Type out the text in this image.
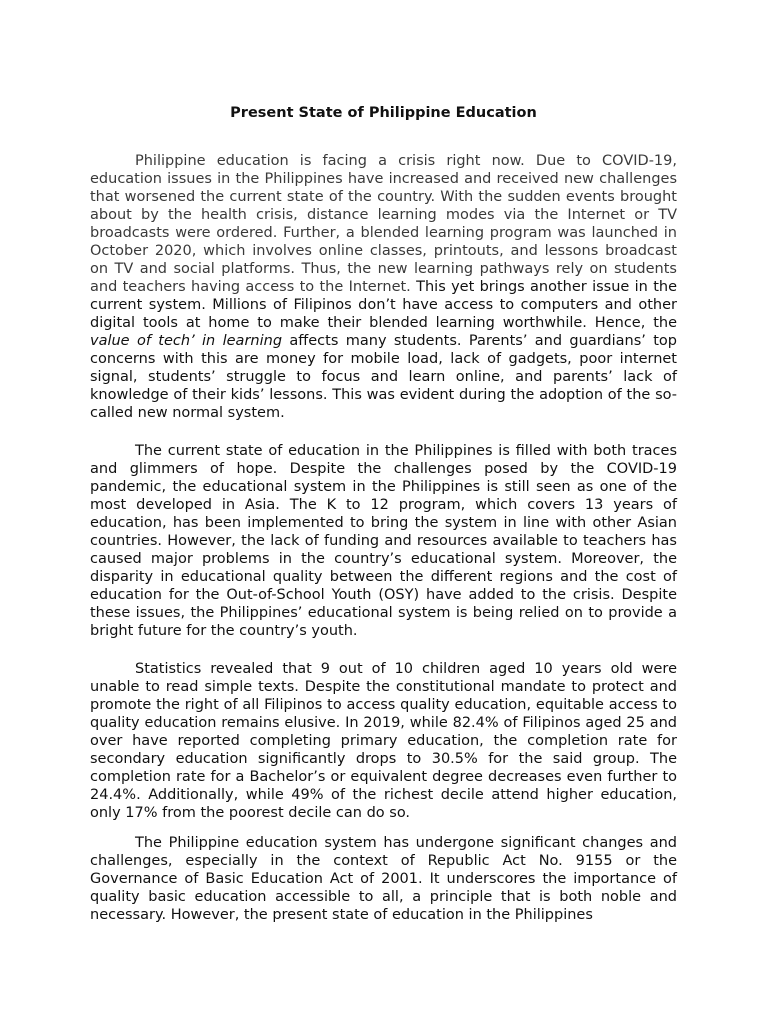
Present State of Philippine Education

Philippine education is facing a crisis right now. Due to COVID-19, education issues in the Philippines have increased and received new challenges that worsened the current state of the country. With the sudden events brought about by the health crisis, distance learning modes via the Internet or TV broadcasts were ordered. Further, a blended learning program was launched in October 2020, which involves online classes, printouts, and lessons broadcast on TV and social platforms. Thus, the new learning pathways rely on students and teachers having access to the Internet. This yet brings another issue in the current system. Millions of Filipinos don’t have access to computers and other digital tools at home to make their blended learning worthwhile. Hence, the value of tech’ in learning affects many students. Parents’ and guardians’ top concerns with this are money for mobile load, lack of gadgets, poor internet signal, students’ struggle to focus and learn online, and parents’ lack of knowledge of their kids’ lessons. This was evident during the adoption of the so-called new normal system.

The current state of education in the Philippines is filled with both traces and glimmers of hope. Despite the challenges posed by the COVID-19 pandemic, the educational system in the Philippines is still seen as one of the most developed in Asia. The K to 12 program, which covers 13 years of education, has been implemented to bring the system in line with other Asian countries. However, the lack of funding and resources available to teachers has caused major problems in the country’s educational system. Moreover, the disparity in educational quality between the different regions and the cost of education for the Out-of-School Youth (OSY) have added to the crisis. Despite these issues, the Philippines’ educational system is being relied on to provide a bright future for the country’s youth.

Statistics revealed that 9 out of 10 children aged 10 years old were unable to read simple texts. Despite the constitutional mandate to protect and promote the right of all Filipinos to access quality education, equitable access to quality education remains elusive. In 2019, while 82.4% of Filipinos aged 25 and over have reported completing primary education, the completion rate for secondary education significantly drops to 30.5% for the said group. The completion rate for a Bachelor’s or equivalent degree decreases even further to 24.4%. Additionally, while 49% of the richest decile attend higher education, only 17% from the poorest decile can do so.

The Philippine education system has undergone significant changes and challenges, especially in the context of Republic Act No. 9155 or the Governance of Basic Education Act of 2001. It underscores the importance of quality basic education accessible to all, a principle that is both noble and necessary. However, the present state of education in the Philippines
